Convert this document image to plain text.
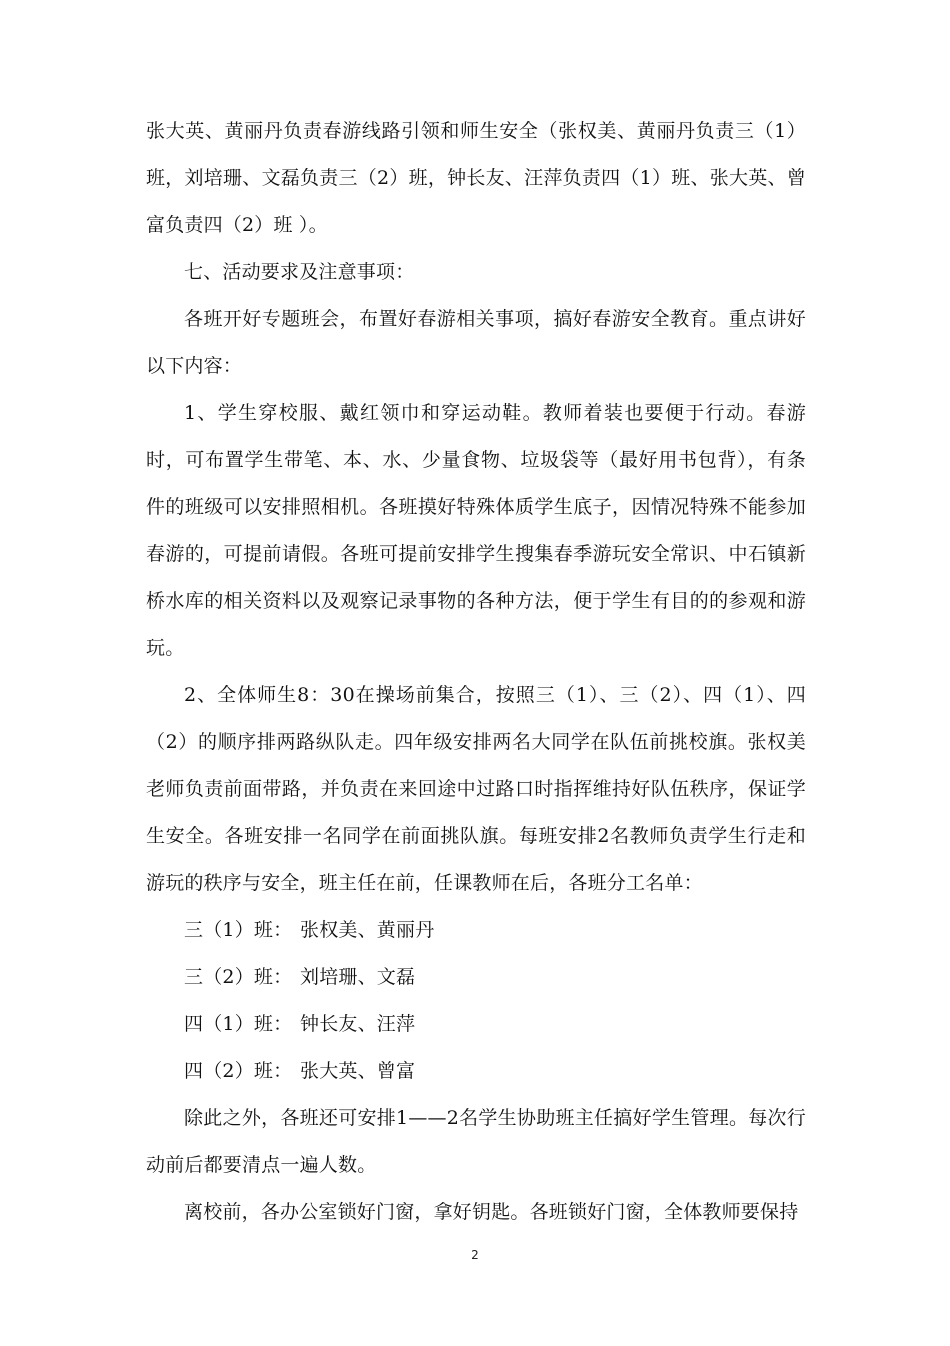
张大英、黄丽丹负责春游线路引领和师生安全（张权美、黄丽丹负责三（1）班，刘培珊、文磊负责三（2）班，钟长友、汪萍负责四（1）班、张大英、曾富负责四（2）班 ）。

七、活动要求及注意事项：

各班开好专题班会，布置好春游相关事项，搞好春游安全教育。重点讲好以下内容：

1、学生穿校服、戴红领巾和穿运动鞋。教师着装也要便于行动。春游时，可布置学生带笔、本、水、少量食物、垃圾袋等（最好用书包背），有条件的班级可以安排照相机。各班摸好特殊体质学生底子，因情况特殊不能参加春游的，可提前请假。各班可提前安排学生搜集春季游玩安全常识、中石镇新桥水库的相关资料以及观察记录事物的各种方法，便于学生有目的的参观和游玩。

2、全体师生8：30在操场前集合，按照三（1）、三（2）、四（1）、四（2）的顺序排两路纵队走。四年级安排两名大同学在队伍前挑校旗。张权美老师负责前面带路，并负责在来回途中过路口时指挥维持好队伍秩序，保证学生安全。各班安排一名同学在前面挑队旗。每班安排2名教师负责学生行走和游玩的秩序与安全，班主任在前，任课教师在后，各班分工名单：

三（1）班： 张权美、黄丽丹

三（2）班： 刘培珊、文磊

四（1）班： 钟长友、汪萍

四（2）班： 张大英、曾富

除此之外，各班还可安排1——2名学生协助班主任搞好学生管理。每次行动前后都要清点一遍人数。

离校前，各办公室锁好门窗，拿好钥匙。各班锁好门窗，全体教师要保持

2
